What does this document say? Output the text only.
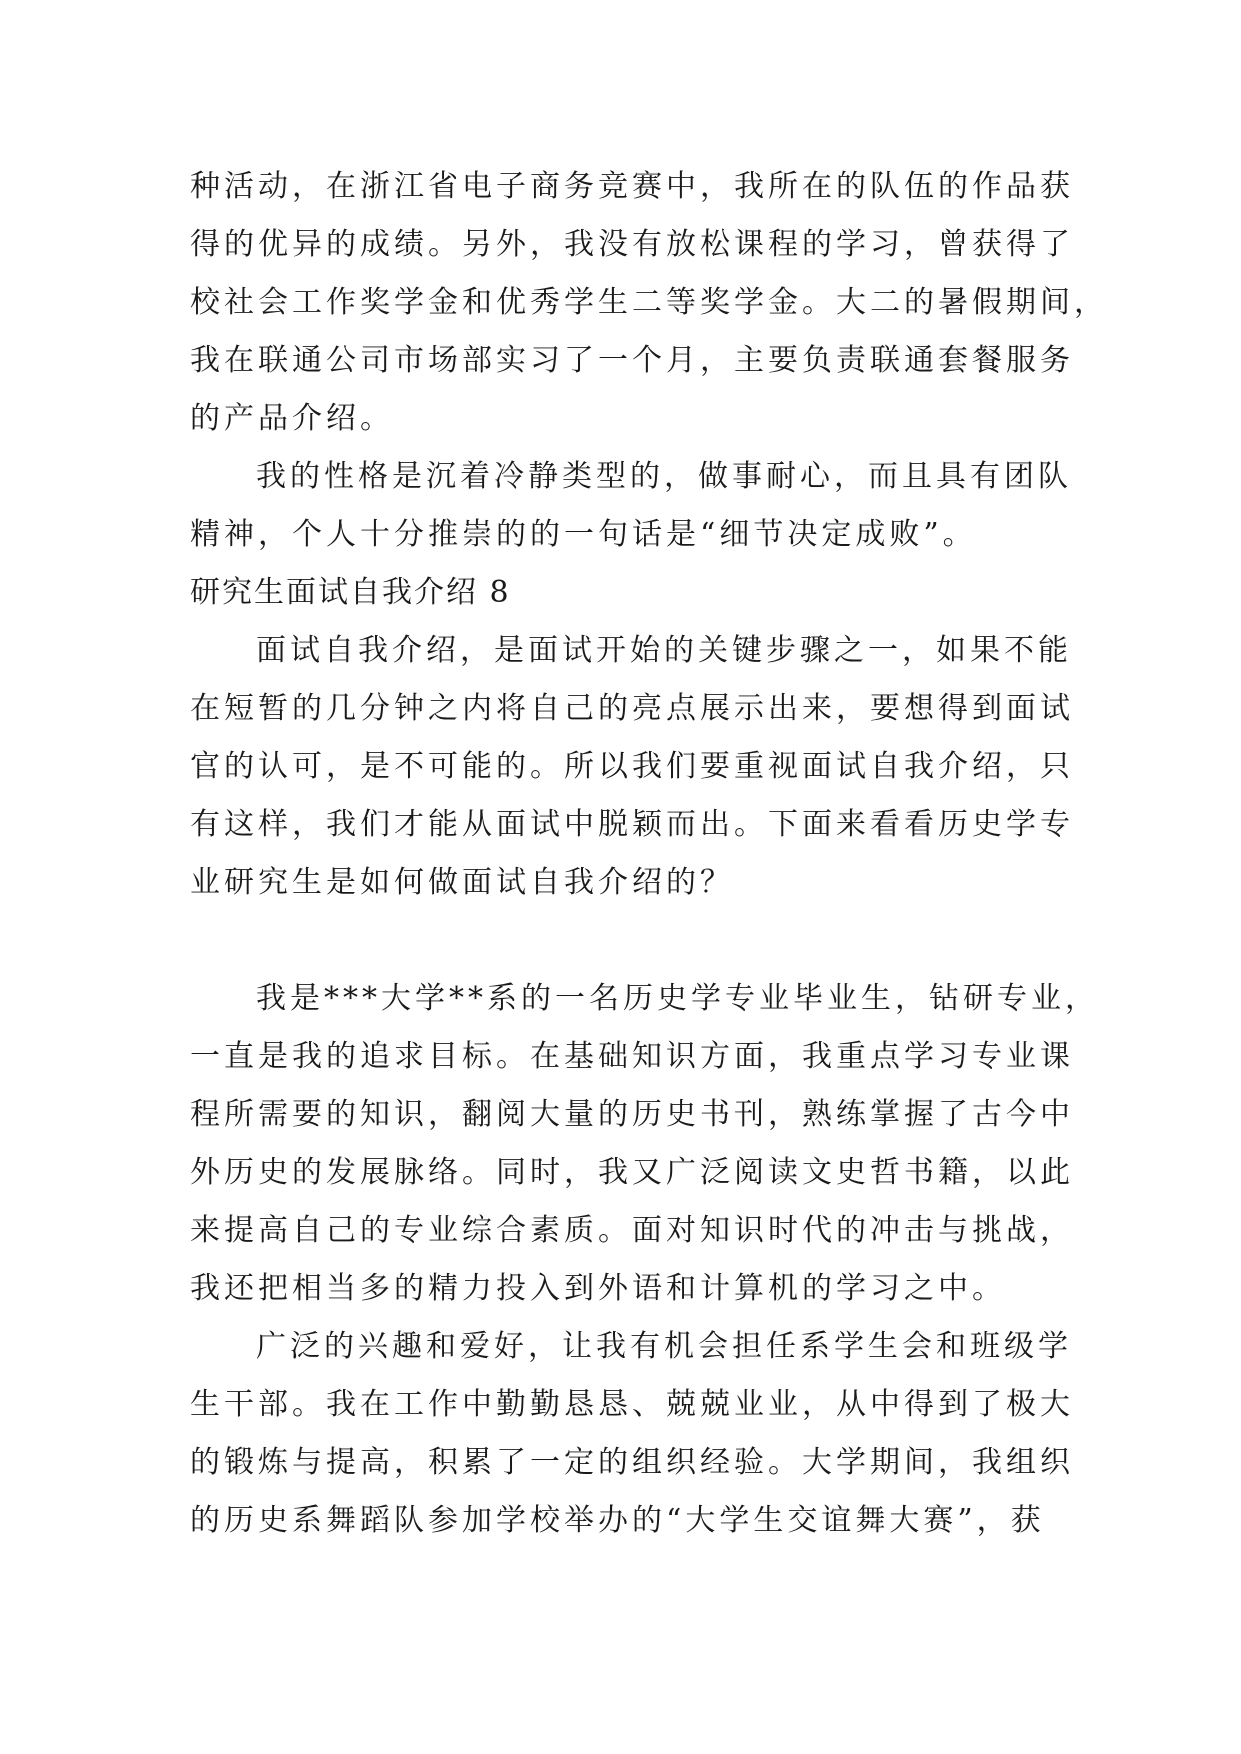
种活动，在浙江省电子商务竞赛中，我所在的队伍的作品获
得的优异的成绩。另外，我没有放松课程的学习，曾获得了
校社会工作奖学金和优秀学生二等奖学金。大二的暑假期间，
我在联通公司市场部实习了一个月，主要负责联通套餐服务
的产品介绍。
我的性格是沉着冷静类型的，做事耐心，而且具有团队
精神，个人十分推崇的的一句话是“细节决定成败”。
研究生面试自我介绍 8
面试自我介绍，是面试开始的关键步骤之一，如果不能
在短暂的几分钟之内将自己的亮点展示出来，要想得到面试
官的认可，是不可能的。所以我们要重视面试自我介绍，只
有这样，我们才能从面试中脱颖而出。下面来看看历史学专
业研究生是如何做面试自我介绍的？
我是***大学**系的一名历史学专业毕业生，钻研专业，
一直是我的追求目标。在基础知识方面，我重点学习专业课
程所需要的知识，翻阅大量的历史书刊，熟练掌握了古今中
外历史的发展脉络。同时，我又广泛阅读文史哲书籍，以此
来提高自己的专业综合素质。面对知识时代的冲击与挑战，
我还把相当多的精力投入到外语和计算机的学习之中。
广泛的兴趣和爱好，让我有机会担任系学生会和班级学
生干部。我在工作中勤勤恳恳、兢兢业业，从中得到了极大
的锻炼与提高，积累了一定的组织经验。大学期间，我组织
的历史系舞蹈队参加学校举办的“大学生交谊舞大赛”，获
